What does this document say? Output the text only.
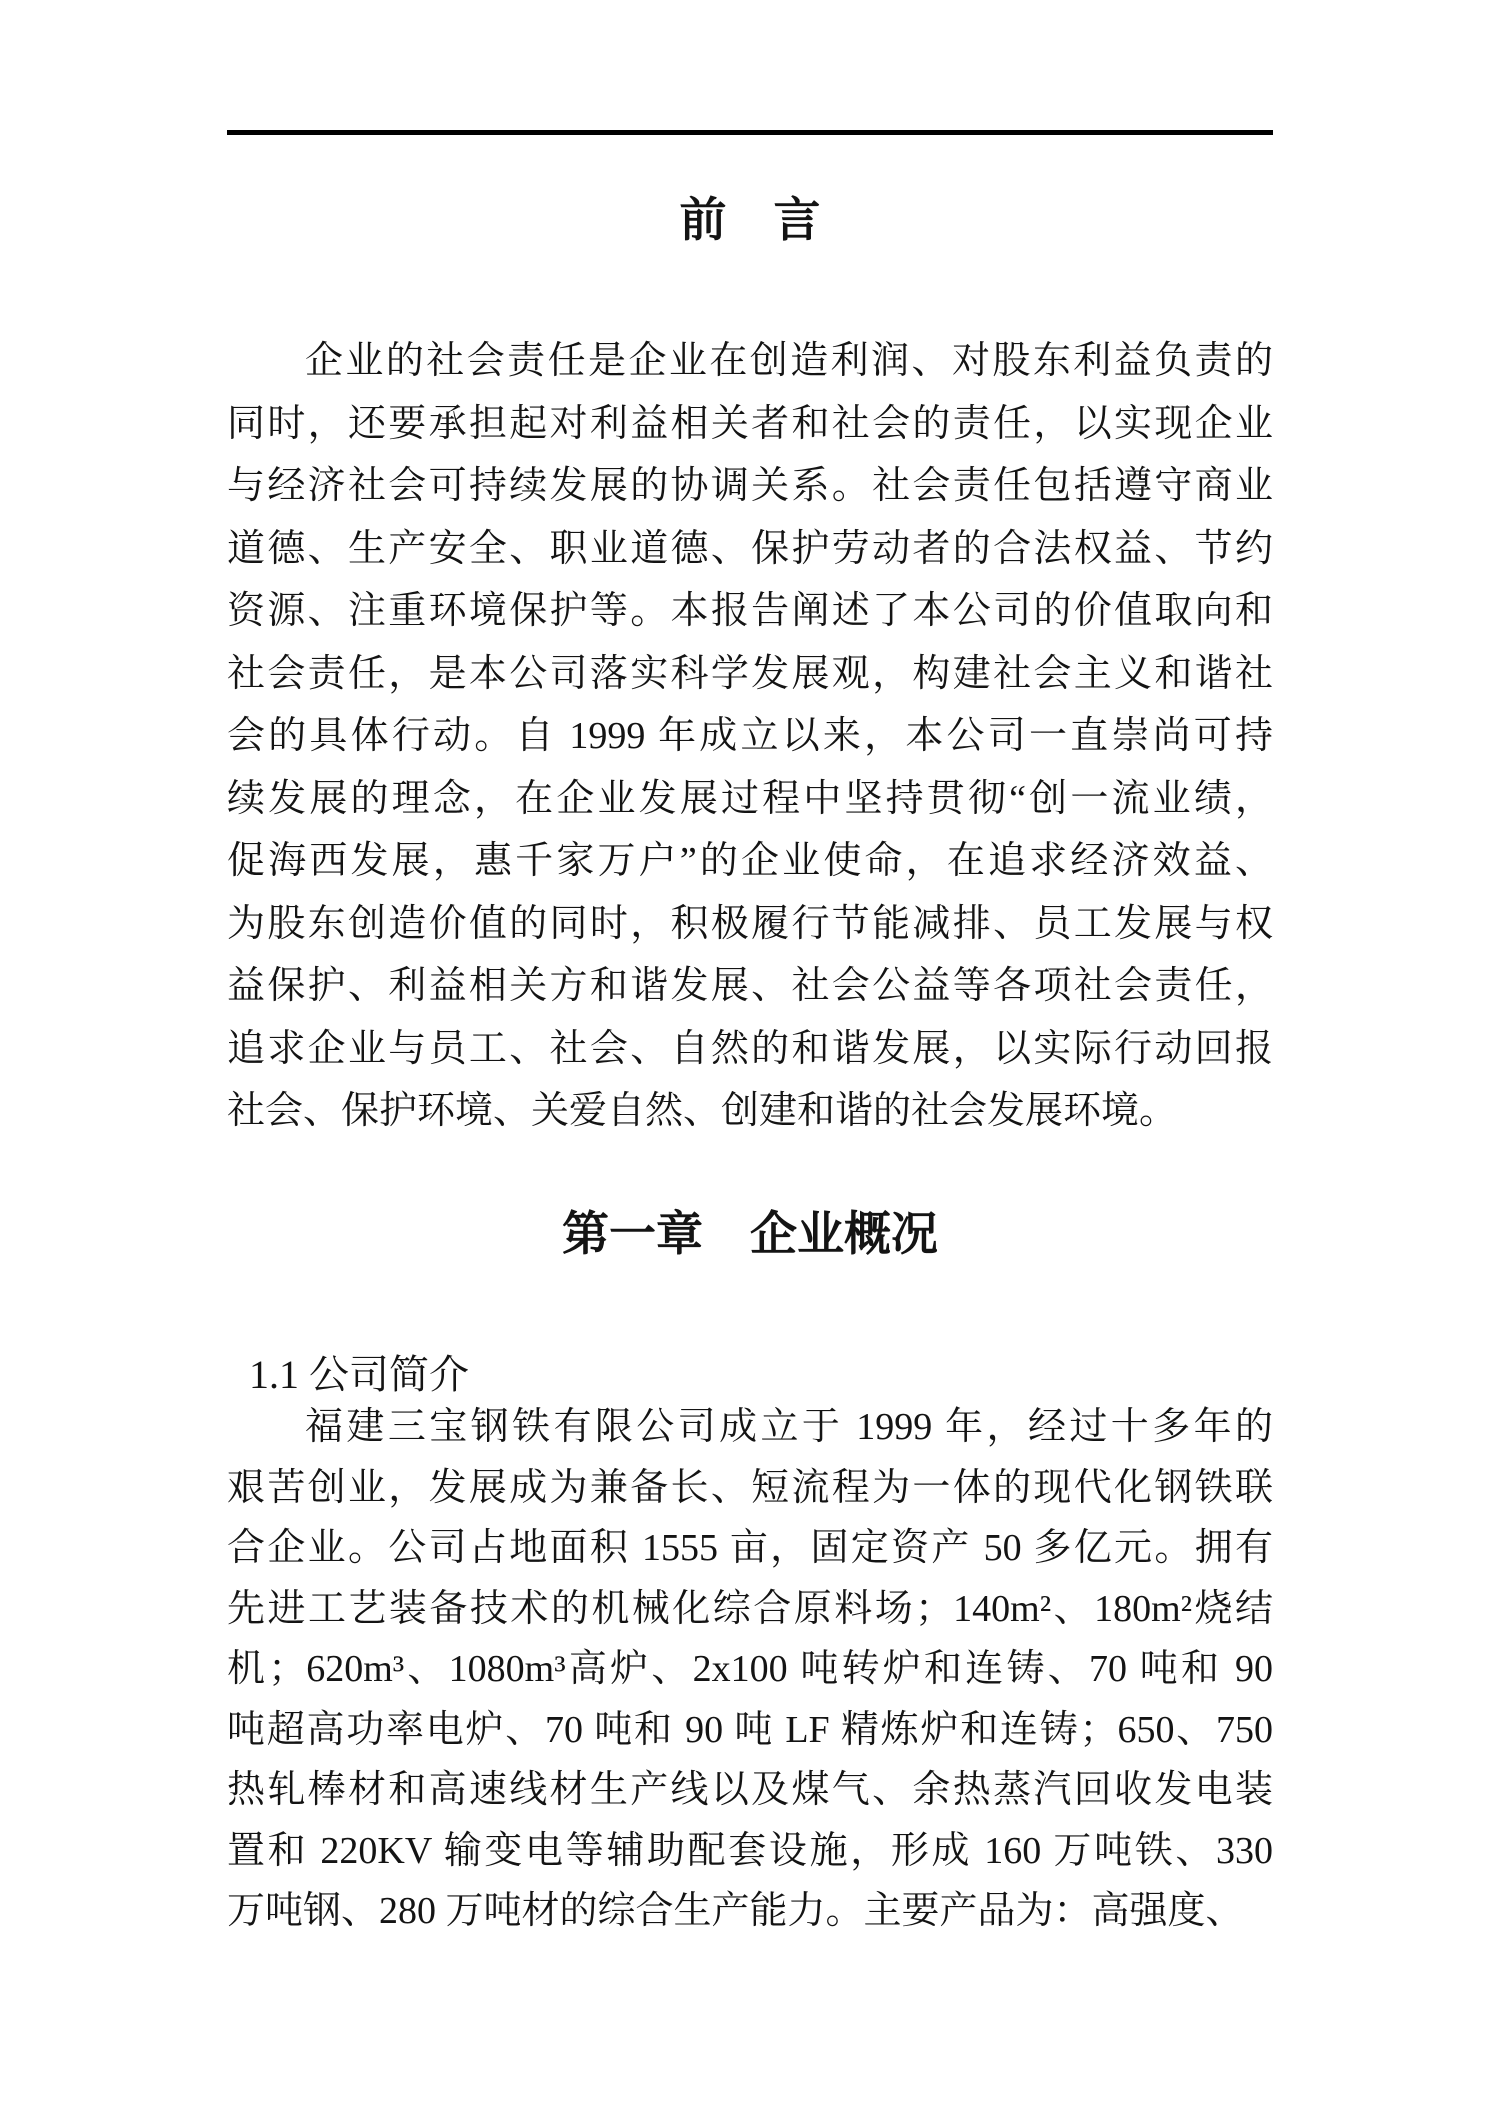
前　言
企业的社会责任是企业在创造利润、对股东利益负责的
同时，还要承担起对利益相关者和社会的责任，以实现企业
与经济社会可持续发展的协调关系。社会责任包括遵守商业
道德、生产安全、职业道德、保护劳动者的合法权益、节约
资源、注重环境保护等。本报告阐述了本公司的价值取向和
社会责任，是本公司落实科学发展观，构建社会主义和谐社
会的具体行动。自 1999 年成立以来，本公司一直崇尚可持
续发展的理念，在企业发展过程中坚持贯彻“创一流业绩，
促海西发展，惠千家万户”的企业使命，在追求经济效益、
为股东创造价值的同时，积极履行节能减排、员工发展与权
益保护、利益相关方和谐发展、社会公益等各项社会责任，
追求企业与员工、社会、自然的和谐发展，以实际行动回报
社会、保护环境、关爱自然、创建和谐的社会发展环境。
第一章　企业概况
1.1 公司简介
福建三宝钢铁有限公司成立于 1999 年，经过十多年的
艰苦创业，发展成为兼备长、短流程为一体的现代化钢铁联
合企业。公司占地面积 1555 亩，固定资产 50 多亿元。拥有
先进工艺装备技术的机械化综合原料场；140m²、180m²烧结
机；620m³、1080m³高炉、2x100 吨转炉和连铸、70 吨和 90
吨超高功率电炉、70 吨和 90 吨 LF 精炼炉和连铸；650、750
热轧棒材和高速线材生产线以及煤气、余热蒸汽回收发电装
置和 220KV 输变电等辅助配套设施，形成 160 万吨铁、330
万吨钢、280 万吨材的综合生产能力。主要产品为：高强度、
